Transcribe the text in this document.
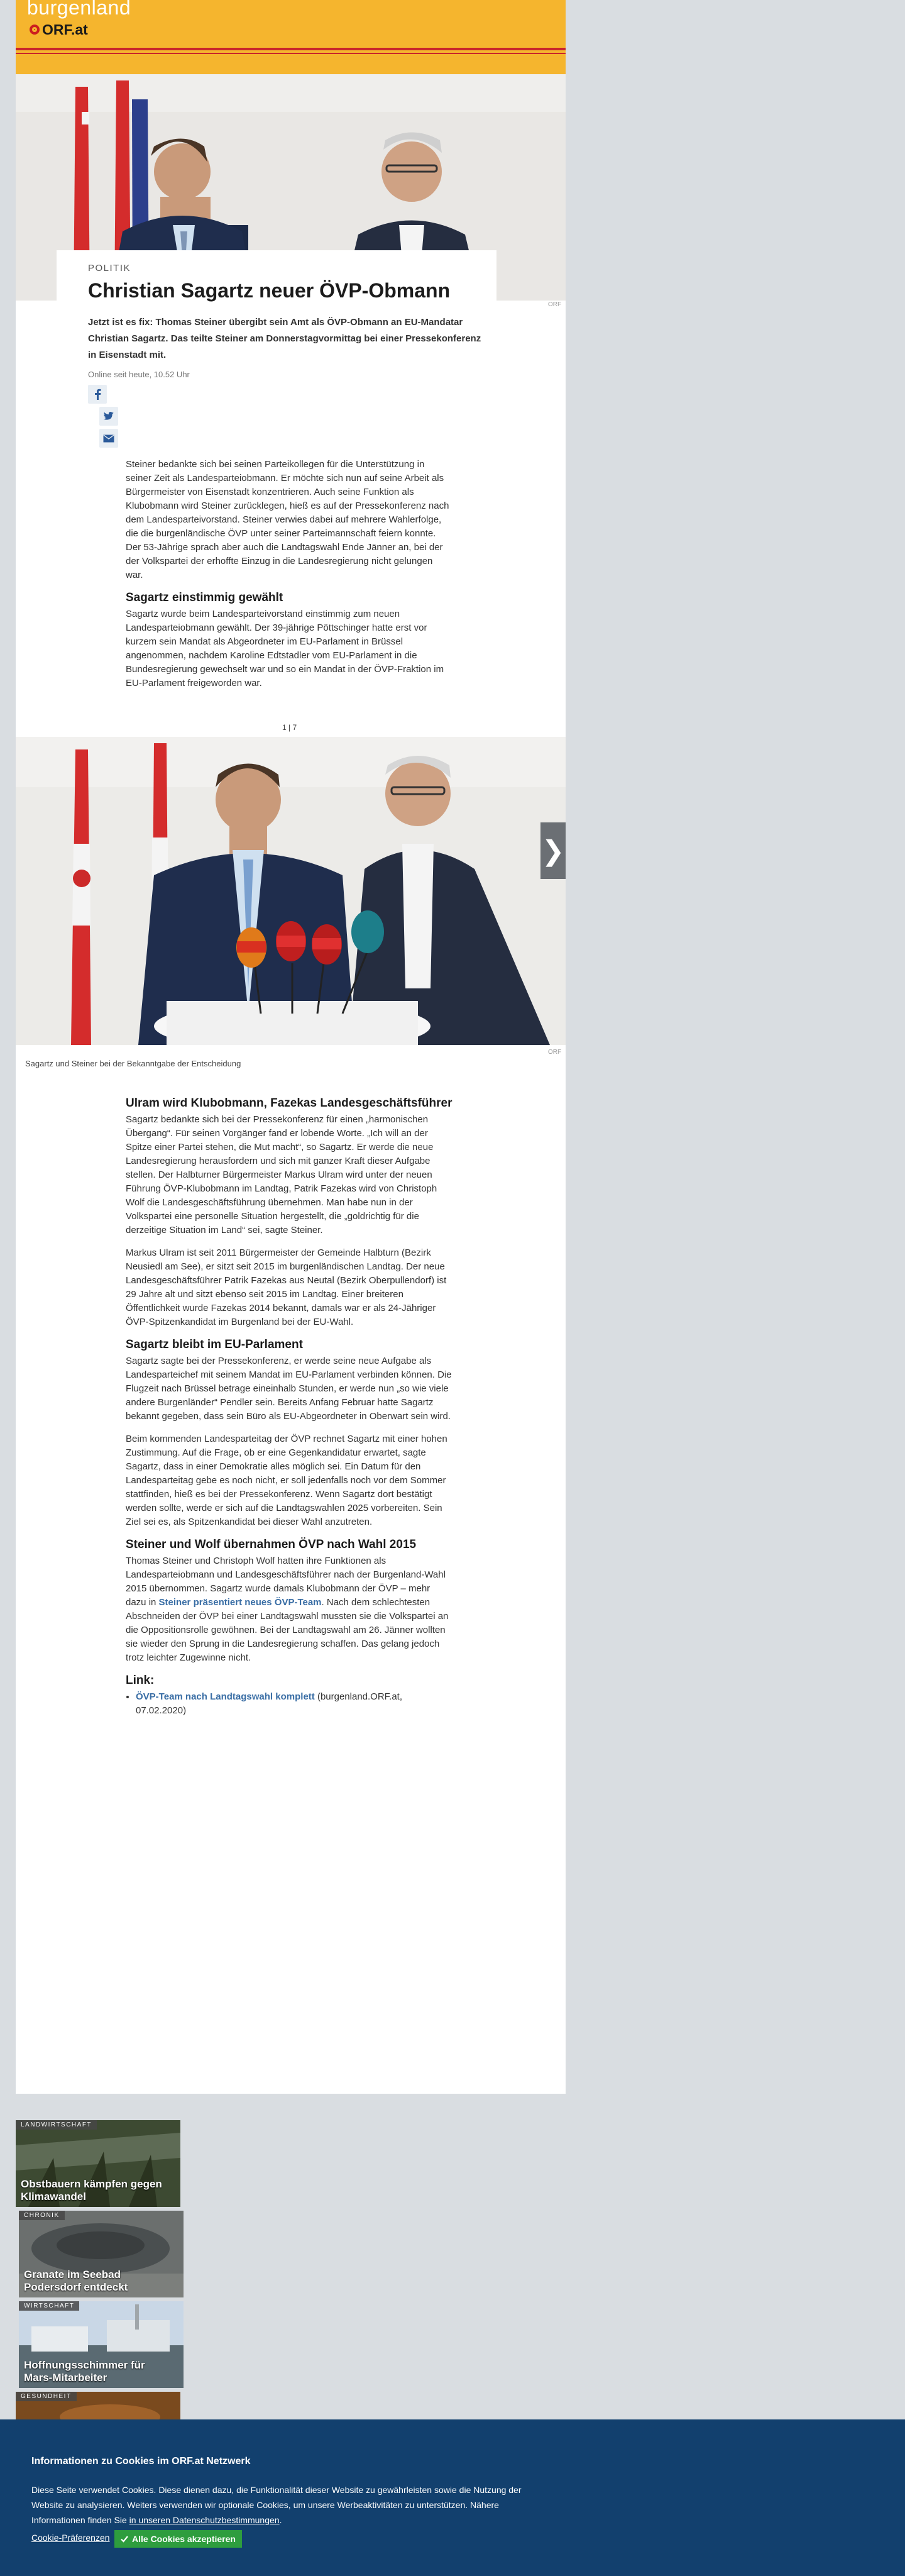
burgenland
ORF.at
ORF
POLITIK
Christian Sagartz neuer ÖVP-Obmann

Jetzt ist es fix: Thomas Steiner übergibt sein Amt als ÖVP-Obmann an EU-Mandatar Christian Sagartz. Das teilte Steiner am Donnerstagvormittag bei einer Pressekonferenz in Eisenstadt mit.

Online seit heute, 10.52 Uhr

Steiner bedankte sich bei seinen Parteikollegen für die Unterstützung in seiner Zeit als Landesparteiobmann. Er möchte sich nun auf seine Arbeit als Bürgermeister von Eisenstadt konzentrieren. Auch seine Funktion als Klubobmann wird Steiner zurücklegen, hieß es auf der Pressekonferenz nach dem Landesparteivorstand. Steiner verwies dabei auf mehrere Wahlerfolge, die die burgenländische ÖVP unter seiner Parteimannschaft feiern konnte. Der 53-Jährige sprach aber auch die Landtagswahl Ende Jänner an, bei der der Volkspartei der erhoffte Einzug in die Landesregierung nicht gelungen war.

Sagartz einstimmig gewählt

Sagartz wurde beim Landesparteivorstand einstimmig zum neuen Landesparteiobmann gewählt. Der 39-jährige Pöttschinger hatte erst vor kurzem sein Mandat als Abgeordneter im EU-Parlament in Brüssel angenommen, nachdem Karoline Edtstadler vom EU-Parlament in die Bundesregierung gewechselt war und so ein Mandat in der ÖVP-Fraktion im EU-Parlament freigeworden war.

1 | 7
❯
ORF
Sagartz und Steiner bei der Bekanntgabe der Entscheidung
Ulram wird Klubobmann, Fazekas Landesgeschäftsführer

Sagartz bedankte sich bei der Pressekonferenz für einen „harmonischen Übergang“. Für seinen Vorgänger fand er lobende Worte. „Ich will an der Spitze einer Partei stehen, die Mut macht“, so Sagartz. Er werde die neue Landesregierung herausfordern und sich mit ganzer Kraft dieser Aufgabe stellen. Der Halbturner Bürgermeister Markus Ulram wird unter der neuen Führung ÖVP-Klubobmann im Landtag, Patrik Fazekas wird von Christoph Wolf die Landesgeschäftsführung übernehmen. Man habe nun in der Volkspartei eine personelle Situation hergestellt, die „goldrichtig für die derzeitige Situation im Land“ sei, sagte Steiner.

Markus Ulram ist seit 2011 Bürgermeister der Gemeinde Halbturn (Bezirk Neusiedl am See), er sitzt seit 2015 im burgenländischen Landtag. Der neue Landesgeschäftsführer Patrik Fazekas aus Neutal (Bezirk Oberpullendorf) ist 29 Jahre alt und sitzt ebenso seit 2015 im Landtag. Einer breiteren Öffentlichkeit wurde Fazekas 2014 bekannt, damals war er als 24-Jähriger ÖVP-Spitzenkandidat im Burgenland bei der EU-Wahl.

Sagartz bleibt im EU-Parlament

Sagartz sagte bei der Pressekonferenz, er werde seine neue Aufgabe als Landesparteichef mit seinem Mandat im EU-Parlament verbinden können. Die Flugzeit nach Brüssel betrage eineinhalb Stunden, er werde nun „so wie viele andere Burgenländer“ Pendler sein. Bereits Anfang Februar hatte Sagartz bekannt gegeben, dass sein Büro als EU-Abgeordneter in Oberwart sein wird.

Beim kommenden Landesparteitag der ÖVP rechnet Sagartz mit einer hohen Zustimmung. Auf die Frage, ob er eine Gegenkandidatur erwartet, sagte Sagartz, dass in einer Demokratie alles möglich sei. Ein Datum für den Landesparteitag gebe es noch nicht, er soll jedenfalls noch vor dem Sommer stattfinden, hieß es bei der Pressekonferenz. Wenn Sagartz dort bestätigt werden sollte, werde er sich auf die Landtagswahlen 2025 vorbereiten. Sein Ziel sei es, als Spitzenkandidat bei dieser Wahl anzutreten.

Steiner und Wolf übernahmen ÖVP nach Wahl 2015

Thomas Steiner und Christoph Wolf hatten ihre Funktionen als Landesparteiobmann und Landesgeschäftsführer nach der Burgenland-Wahl 2015 übernommen. Sagartz wurde damals Klubobmann der ÖVP – mehr dazu in Steiner präsentiert neues ÖVP-Team. Nach dem schlechtesten Abschneiden der ÖVP bei einer Landtagswahl mussten sie die Volkspartei an die Oppositionsrolle gewöhnen. Bei der Landtagswahl am 26. Jänner wollten sie wieder den Sprung in die Landesregierung schaffen. Das gelang jedoch trotz leichter Zugewinne nicht.

Link:
• ÖVP-Team nach Landtagswahl komplett (burgenland.ORF.at, 07.02.2020)
LANDWIRTSCHAFT
Obstbauern kämpfen gegen Klimawandel
CHRONIK
Granate im Seebad Podersdorf entdeckt
WIRTSCHAFT
Hoffnungsschimmer für Mars-Mitarbeiter
GESUNDHEIT
Informationen zu Cookies im ORF.at Netzwerk
Diese Seite verwendet Cookies. Diese dienen dazu, die Funktionalität dieser Website zu gewährleisten sowie die Nutzung der Website zu analysieren. Weiters verwenden wir optionale Cookies, um unsere Werbeaktivitäten zu unterstützen. Nähere Informationen finden Sie in unseren Datenschutzbestimmungen.
Cookie-Präferenzen	Alle Cookies akzeptieren
